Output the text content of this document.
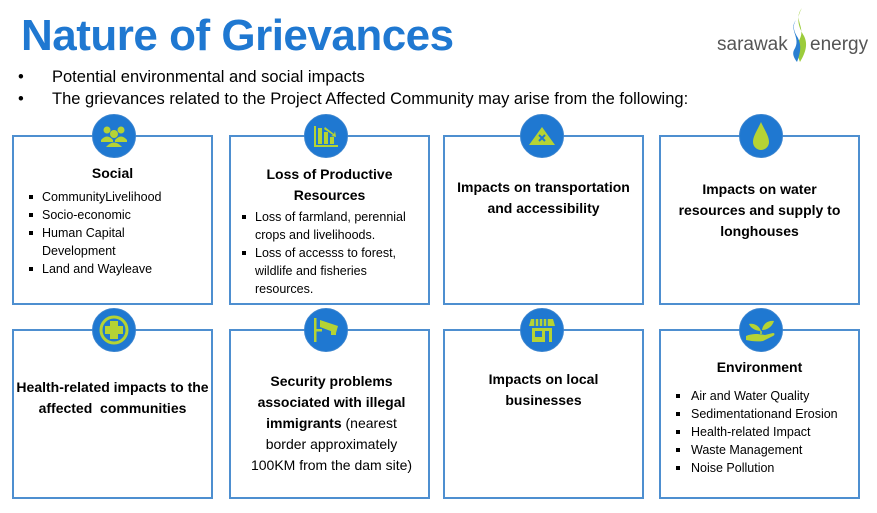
Nature of Grievances	sarawak energy
• Potential environmental and social impacts
• The grievances related to the Project Affected Community may arise from the following:
Social
CommunityLivelihood
Socio-economic
Human Capital Development
Land and Wayleave
Loss of Productive Resources
Loss of farmland, perennial crops and livelihoods.
Loss of accesss to forest, wildlife and fisheries resources.
Impacts on transportation and accessibility
Impacts on water resources and supply to longhouses
Health-related impacts to the affected  communities
Security problems associated with illegal immigrants (nearest border approximately 100KM from the dam site)
Impacts on local businesses
Environment
Air and Water Quality
Sedimentationand Erosion
Health-related Impact
Waste Management
Noise Pollution
